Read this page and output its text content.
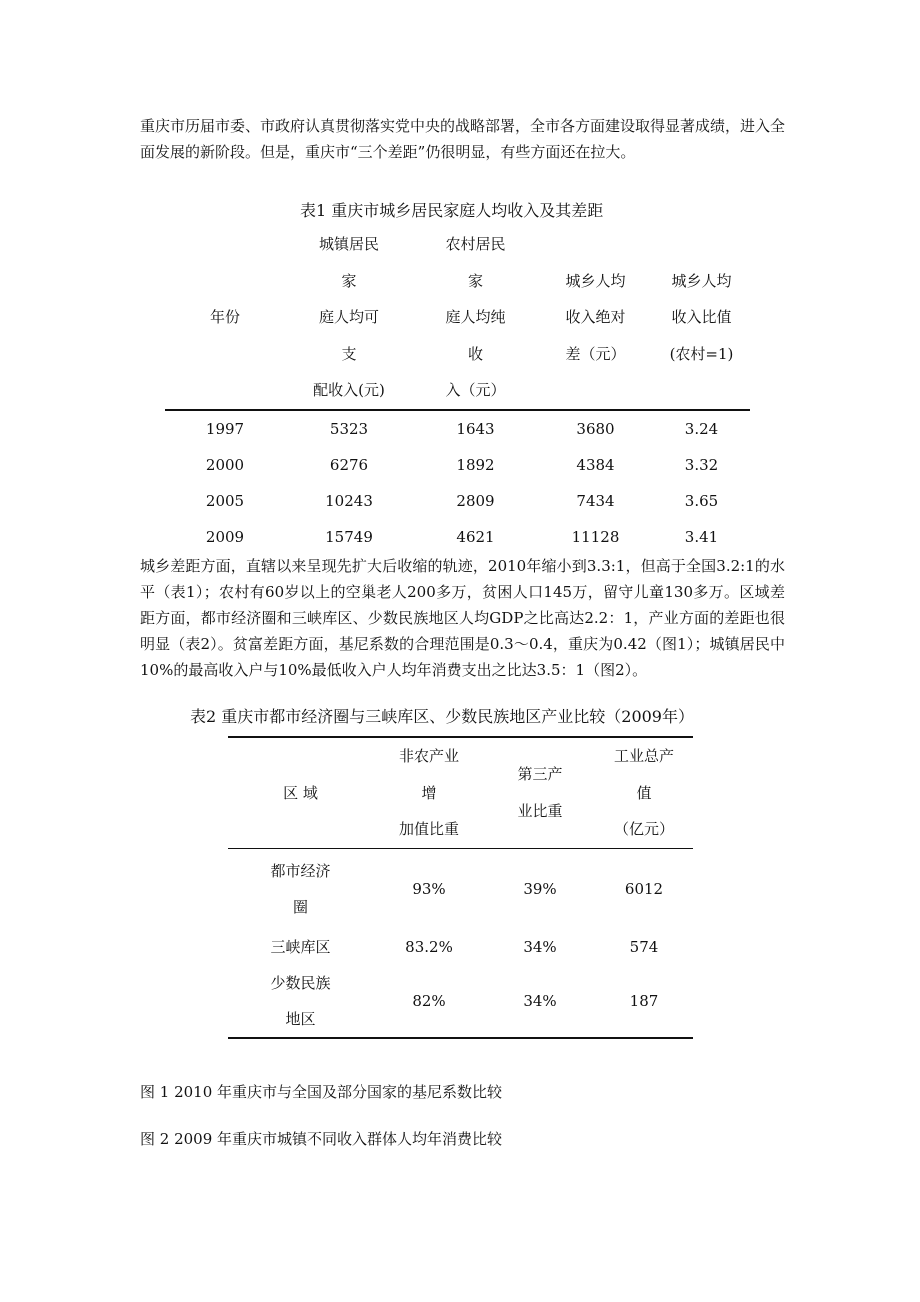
重庆市历届市委、市政府认真贯彻落实党中央的战略部署，全市各方面建设取得显著成绩，进入全面发展的新阶段。但是，重庆市“三个差距”仍很明显，有些方面还在拉大。

表1 重庆市城乡居民家庭人均收入及其差距
年份	城镇居民
家
庭人均可
支
配收入(元)	农村居民
家
庭人均纯
收
入（元）	城乡人均
收入绝对
差（元）	城乡人均
收入比值
(农村=1)

1997	5323	1643	3680	3.24
2000	6276	1892	4384	3.32
2005	10243	2809	7434	3.65
2009	15749	4621	11128	3.41

城乡差距方面，直辖以来呈现先扩大后收缩的轨迹，2010年缩小到3.3:1，但高于全国3.2:1的水平（表1）；农村有60岁以上的空巢老人200多万，贫困人口145万，留守儿童130多万。区域差距方面，都市经济圈和三峡库区、少数民族地区人均GDP之比高达2.2：1，产业方面的差距也很明显（表2）。贫富差距方面，基尼系数的合理范围是0.3～0.4，重庆为0.42（图1）；城镇居民中10%的最高收入户与10%最低收入户人均年消费支出之比达3.5：1（图2）。

表2 重庆市都市经济圈与三峡库区、少数民族地区产业比较（2009年）
区 域	非农产业
增
加值比重	第三产
业比重	工业总产
值
（亿元）

都市经济
圈	93%	39%	6012

三峡库区	83.2%	34%	574

少数民族
地区	82%	34%	187
图 1 2010 年重庆市与全国及部分国家的基尼系数比较
图 2 2009 年重庆市城镇不同收入群体人均年消费比较
